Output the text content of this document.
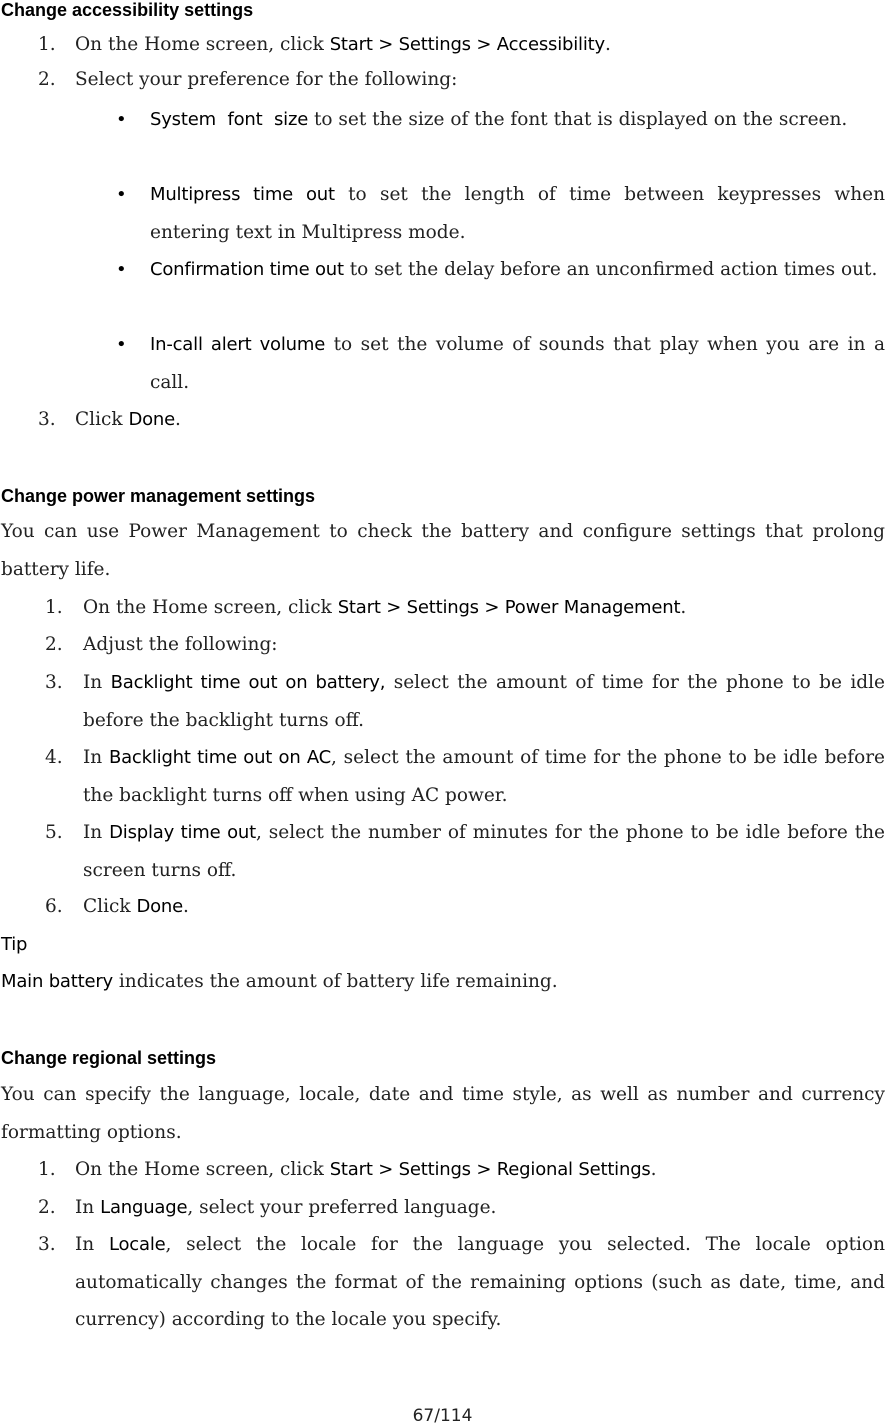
Change accessibility settings
1. On the Home screen, click Start > Settings > Accessibility.

2. Select your preference for the following:

• System font size to set the size of the font that is displayed on the screen.

• Multipress time out to set the length of time between keypresses when entering text in Multipress mode.

• Confirmation time out to set the delay before an unconfirmed action times out.

• In-call alert volume to set the volume of sounds that play when you are in a call.

3. Click Done.

Change power management settings

You can use Power Management to check the battery and configure settings that prolong battery life.

1. On the Home screen, click Start > Settings > Power Management.

2. Adjust the following:

3. In Backlight time out on battery, select the amount of time for the phone to be idle before the backlight turns off.

4. In Backlight time out on AC, select the amount of time for the phone to be idle before the backlight turns off when using AC power.

5. In Display time out, select the number of minutes for the phone to be idle before the screen turns off.

6. Click Done.

Tip

Main battery indicates the amount of battery life remaining.

Change regional settings

You can specify the language, locale, date and time style, as well as number and currency formatting options.

1. On the Home screen, click Start > Settings > Regional Settings.

2. In Language, select your preferred language.

3. In Locale, select the locale for the language you selected. The locale option automatically changes the format of the remaining options (such as date, time, and currency) according to the locale you specify.

67/114
